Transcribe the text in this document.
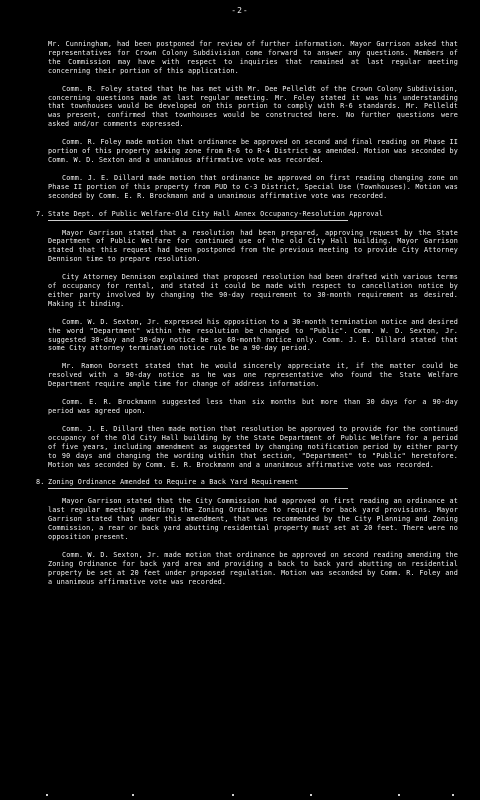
-2-

Mr. Cunningham, had been postponed for review of further information. Mayor Garrison asked that representatives for Crown Colony Subdivision come forward to answer any questions. Members of the Commission may have with respect to inquiries that remained at last regular meeting concerning their portion of this application.

Comm. R. Foley stated that he has met with Mr. Dee Pelleldt of the Crown Colony Subdivision, concerning questions made at last regular meeting. Mr. Foley stated it was his understanding that townhouses would be developed on this portion to comply with R-6 standards. Mr. Pelleldt was present, confirmed that townhouses would be constructed here. No further questions were asked and/or comments expressed.

Comm. R. Foley made motion that ordinance be approved on second and final reading on Phase II portion of this property asking zone from R-6 to R-4 District as amended. Motion was seconded by Comm. W. D. Sexton and a unanimous affirmative vote was recorded.

Comm. J. E. Dillard made motion that ordinance be approved on first reading changing zone on Phase II portion of this property from PUD to C-3 District, Special Use (Townhouses). Motion was seconded by Comm. E. R. Brockmann and a unanimous affirmative vote was recorded.

7. State Dept. of Public Welfare-Old City Hall Annex Occupancy-Resolution Approval

Mayor Garrison stated that a resolution had been prepared, approving request by the State Department of Public Welfare for continued use of the old City Hall building. Mayor Garrison stated that this request had been postponed from the previous meeting to provide City Attorney Dennison time to prepare resolution.

City Attorney Dennison explained that proposed resolution had been drafted with various terms of occupancy for rental, and stated it could be made with respect to cancellation notice by either party involved by changing the 90-day requirement to 30-month requirement as desired. Making it binding.

Comm. W. D. Sexton, Jr. expressed his opposition to a 30-month termination notice and desired the word "Department" within the resolution be changed to "Public". Comm. W. D. Sexton, Jr. suggested 30-day and 30-day notice be so 60-month notice only. Comm. J. E. Dillard stated that some City attorney termination notice rule be a 90-day period.

Mr. Ramon Dorsett stated that he would sincerely appreciate it, if the matter could be resolved with a 90-day notice as he was one representative who found the State Welfare Department require ample time for change of address information.

Comm. E. R. Brockmann suggested less than six months but more than 30 days for a 90-day period was agreed upon.

Comm. J. E. Dillard then made motion that resolution be approved to provide for the continued occupancy of the Old City Hall building by the State Department of Public Welfare for a period of five years, including amendment as suggested by changing notification period by either party to 90 days and changing the wording within that section, "Department" to "Public" heretofore. Motion was seconded by Comm. E. R. Brockmann and a unanimous affirmative vote was recorded.

8. Zoning Ordinance Amended to Require a Back Yard Requirement

Mayor Garrison stated that the City Commission had approved on first reading an ordinance at last regular meeting amending the Zoning Ordinance to require for back yard provisions. Mayor Garrison stated that under this amendment, that was recommended by the City Planning and Zoning Commission, a rear or back yard abutting residential property must set at 20 feet. There were no opposition present.

Comm. W. D. Sexton, Jr. made motion that ordinance be approved on second reading amending the Zoning Ordinance for back yard area and providing a back to back yard abutting on residential property be set at 20 feet under proposed regulation. Motion was seconded by Comm. R. Foley and a unanimous affirmative vote was recorded.
